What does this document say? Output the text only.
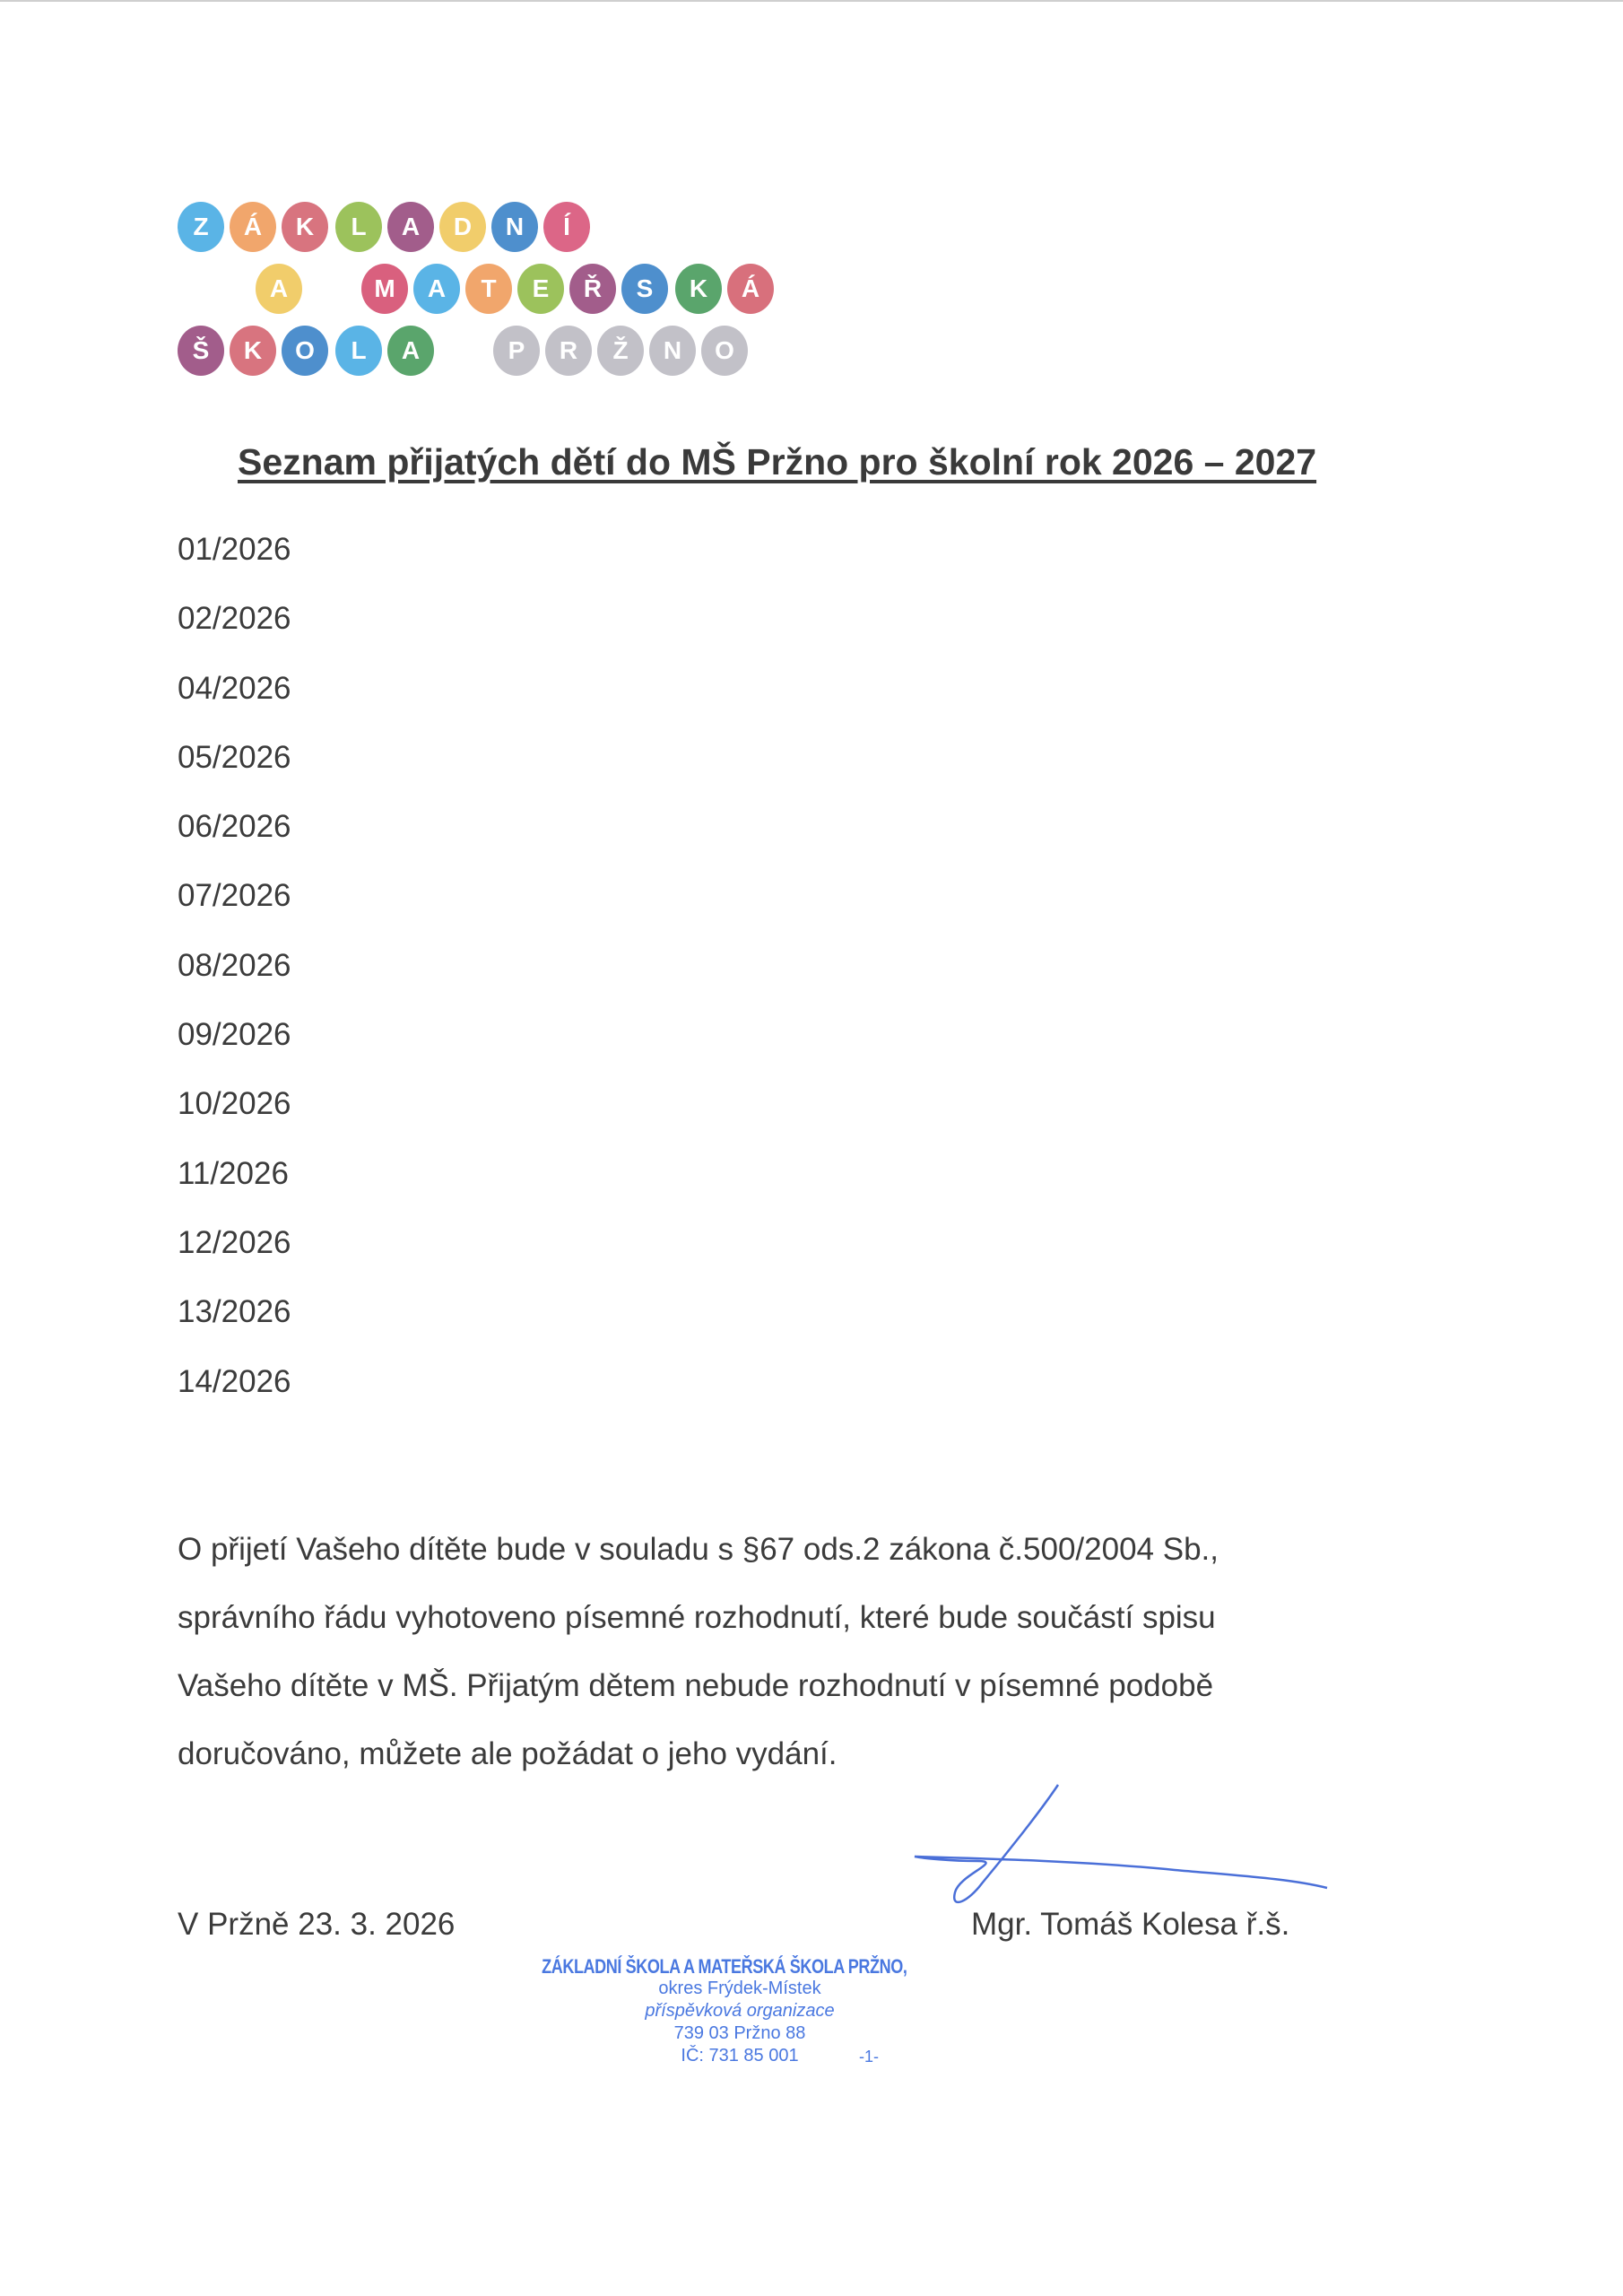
Z	Á	K	L	A	D	N	Í
A	M	A	T	E	Ř	S	K	Á
Š	K	O	L	A	P	R	Ž	N	O
Seznam přijatých dětí do MŠ Pržno pro školní rok 2026 – 2027
01/2026
02/2026
04/2026
05/2026
06/2026
07/2026
08/2026
09/2026
10/2026
11/2026
12/2026
13/2026
14/2026
O přijetí Vašeho dítěte bude v souladu s §67 ods.2 zákona č.500/2004 Sb.,
správního řádu vyhotoveno písemné rozhodnutí, které bude součástí spisu
Vašeho dítěte v MŠ. Přijatým dětem nebude rozhodnutí v písemné podobě
doručováno, můžete ale požádat o jeho vydání.
V Pržně 23. 3. 2026	Mgr. Tomáš Kolesa ř.š.
ZÁKLADNÍ ŠKOLA A MATEŘSKÁ ŠKOLA PRŽNO,
okres Frýdek-Místek
příspěvková organizace
739 03 Pržno 88
IČ: 731 85 001	-1-
